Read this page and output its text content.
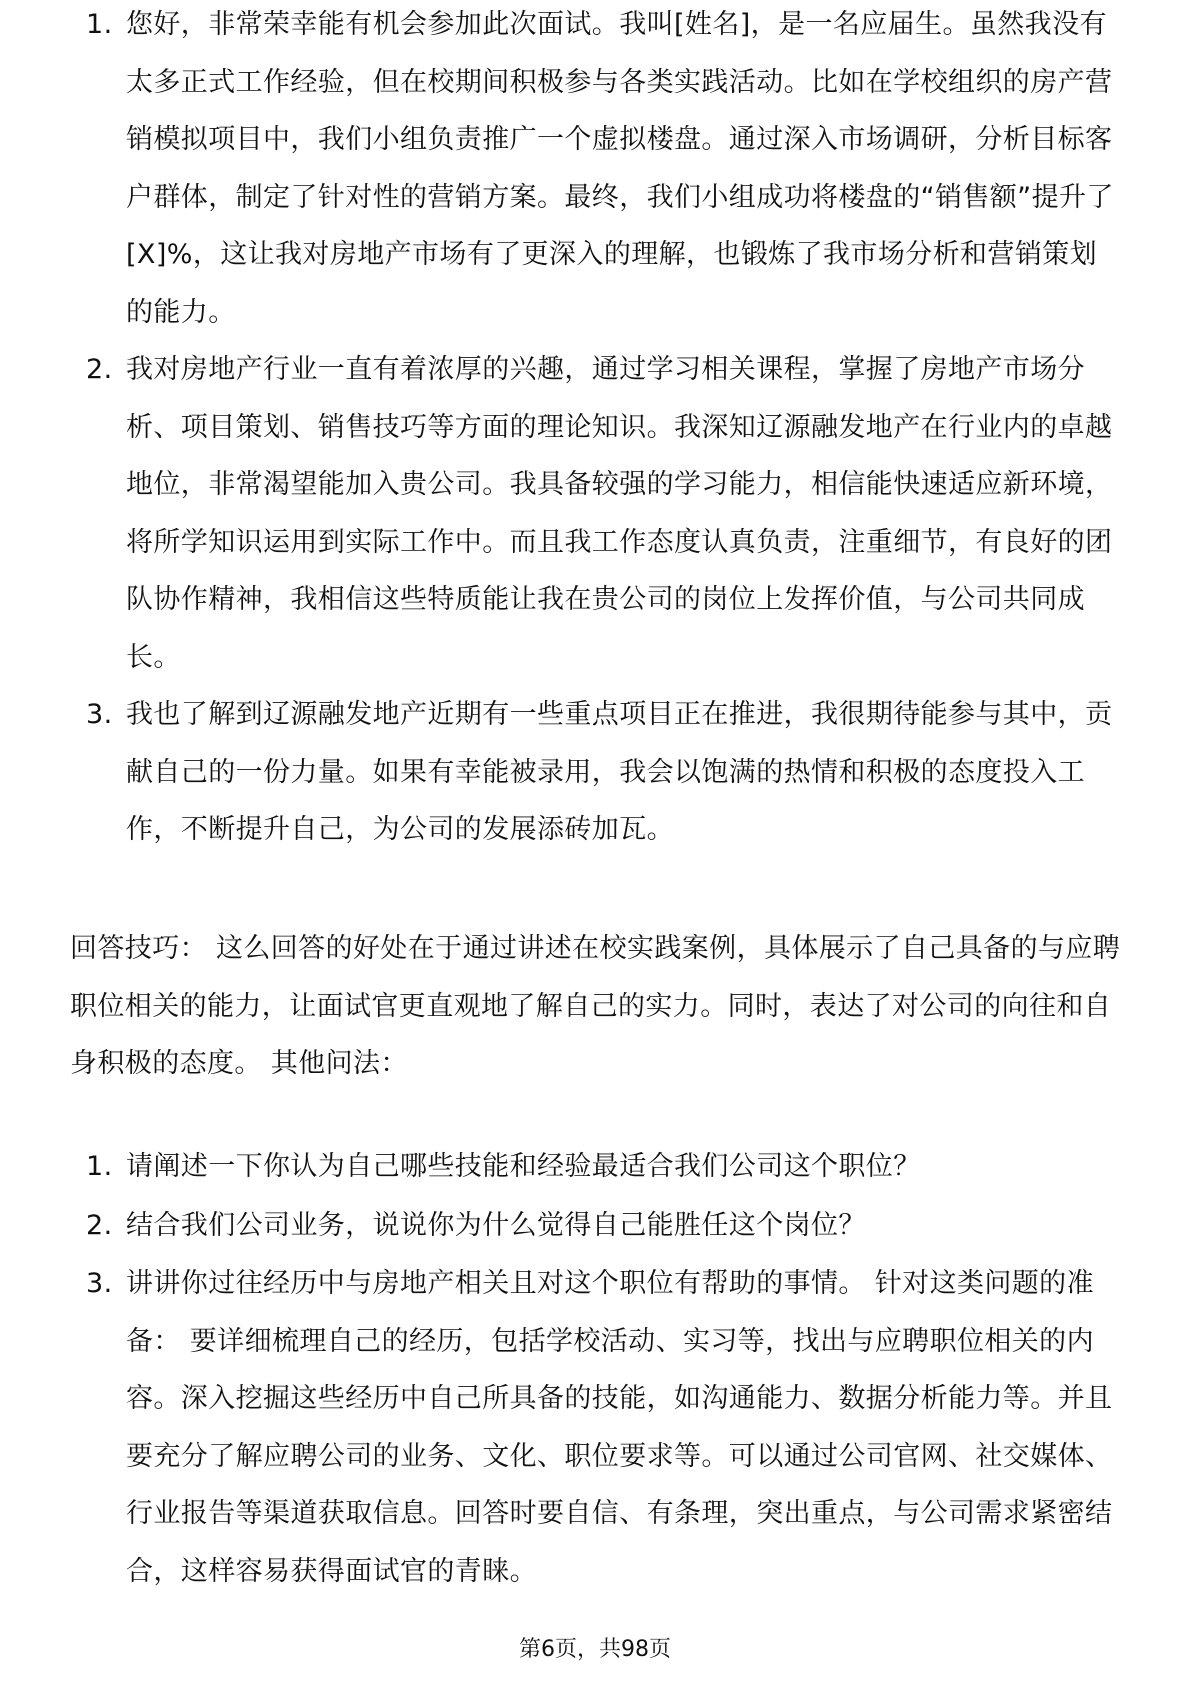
1. 您好，非常荣幸能有机会参加此次面试。我叫[姓名]，是一名应届生。虽然我没有太多正式工作经验，但在校期间积极参与各类实践活动。比如在学校组织的房产营销模拟项目中，我们小组负责推广一个虚拟楼盘。通过深入市场调研，分析目标客户群体，制定了针对性的营销方案。最终，我们小组成功将楼盘的“销售额”提升了[X]%，这让我对房地产市场有了更深入的理解，也锻炼了我市场分析和营销策划的能力。
2. 我对房地产行业一直有着浓厚的兴趣，通过学习相关课程，掌握了房地产市场分析、项目策划、销售技巧等方面的理论知识。我深知辽源融发地产在行业内的卓越地位，非常渴望能加入贵公司。我具备较强的学习能力，相信能快速适应新环境，将所学知识运用到实际工作中。而且我工作态度认真负责，注重细节，有良好的团队协作精神，我相信这些特质能让我在贵公司的岗位上发挥价值，与公司共同成长。
3. 我也了解到辽源融发地产近期有一些重点项目正在推进，我很期待能参与其中，贡献自己的一份力量。如果有幸能被录用，我会以饱满的热情和积极的态度投入工作，不断提升自己，为公司的发展添砖加瓦。

回答技巧： 这么回答的好处在于通过讲述在校实践案例，具体展示了自己具备的与应聘职位相关的能力，让面试官更直观地了解自己的实力。同时，表达了对公司的向往和自身积极的态度。 其他问法：

1. 请阐述一下你认为自己哪些技能和经验最适合我们公司这个职位？
2. 结合我们公司业务，说说你为什么觉得自己能胜任这个岗位？
3. 讲讲你过往经历中与房地产相关且对这个职位有帮助的事情。 针对这类问题的准备： 要详细梳理自己的经历，包括学校活动、实习等，找出与应聘职位相关的内容。深入挖掘这些经历中自己所具备的技能，如沟通能力、数据分析能力等。并且要充分了解应聘公司的业务、文化、职位要求等。可以通过公司官网、社交媒体、行业报告等渠道获取信息。回答时要自信、有条理，突出重点，与公司需求紧密结合，这样容易获得面试官的青睐。
第6页，共98页
